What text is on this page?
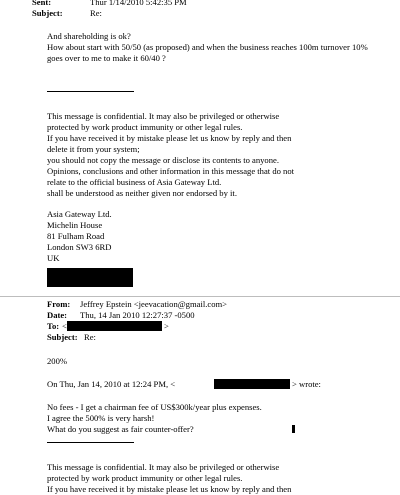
Sent:	Thur 1/14/2010 5:42:35 PM
Subject:	Re:
And shareholding is ok?
How about start with 50/50 (as proposed) and when the business reaches 100m turnover 10%
goes over to me to make it 60/40 ?
This message is confidential. It may also be privileged or otherwise
protected by work product immunity or other legal rules.
If you have received it by mistake please let us know by reply and then
delete it from your system;
you should not copy the message or disclose its contents to anyone.
Opinions, conclusions and other information in this message that do not
relate to the official business of Asia Gateway Ltd.
shall be understood as neither given nor endorsed by it.
Asia Gateway Ltd.
Michelin House
81 Fulham Road
London SW3 6RD
UK
From: Jeffrey Epstein <jeevacation@gmail.com>
Date: Thu, 14 Jan 2010 12:27:37 -0500
To: <	>
Subject: Re:
200%
On Thu, Jan 14, 2010 at 12:24 PM, <	> wrote:
No fees - I get a chairman fee of US$300k/year plus expenses.
I agree the 500% is very harsh!
What do you suggest as fair counter-offer?
This message is confidential. It may also be privileged or otherwise
protected by work product immunity or other legal rules.
If you have received it by mistake please let us know by reply and then
